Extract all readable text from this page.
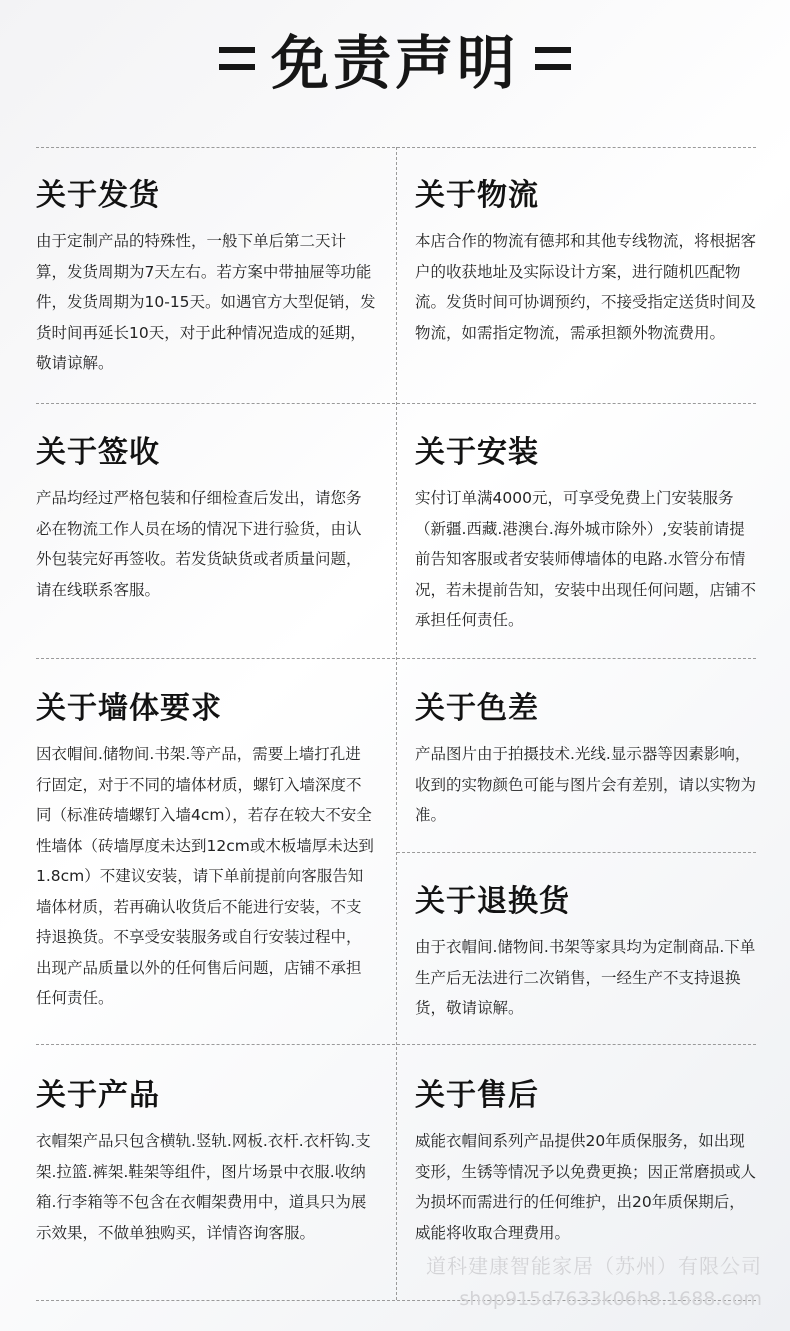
免责声明
关于发货

由于定制产品的特殊性，一般下单后第二天计算，发货周期为7天左右。若方案中带抽屉等功能件，发货周期为10-15天。如遇官方大型促销，发货时间再延长10天，对于此种情况造成的延期，敬请谅解。

关于物流

本店合作的物流有德邦和其他专线物流，将根据客户的收获地址及实际设计方案，进行随机匹配物流。发货时间可协调预约，不接受指定送货时间及物流，如需指定物流，需承担额外物流费用。

关于签收

产品均经过严格包装和仔细检查后发出，请您务必在物流工作人员在场的情况下进行验货，由认外包装完好再签收。若发货缺货或者质量问题，请在线联系客服。

关于安装

实付订单满4000元，可享受免费上门安装服务（新疆.西藏.港澳台.海外城市除外）,安装前请提前告知客服或者安装师傅墙体的电路.水管分布情况，若未提前告知，安装中出现任何问题，店铺不承担任何责任。

关于墙体要求

因衣帽间.储物间.书架.等产品，需要上墙打孔进行固定，对于不同的墙体材质，螺钉入墙深度不同（标准砖墙螺钉入墙4cm），若存在较大不安全性墙体（砖墙厚度未达到12cm或木板墙厚未达到1.8cm）不建议安装，请下单前提前向客服告知墙体材质，若再确认收货后不能进行安装，不支持退换货。不享受安装服务或自行安装过程中，出现产品质量以外的任何售后问题，店铺不承担任何责任。

关于色差

产品图片由于拍摄技术.光线.显示器等因素影响，收到的实物颜色可能与图片会有差别，请以实物为准。

关于退换货

由于衣帽间.储物间.书架等家具均为定制商品.下单生产后无法进行二次销售，一经生产不支持退换货，敬请谅解。

关于产品

衣帽架产品只包含横轨.竖轨.网板.衣杆.衣杆钩.支架.拉篮.裤架.鞋架等组件，图片场景中衣服.收纳箱.行李箱等不包含在衣帽架费用中，道具只为展示效果，不做单独购买，详情咨询客服。

关于售后

威能衣帽间系列产品提供20年质保服务，如出现变形，生锈等情况予以免费更换；因正常磨损或人为损坏而需进行的任何维护，出20年质保期后，威能将收取合理费用。

道科建康智能家居（苏州）有限公司
shop915d7633k06h8.1688.com
